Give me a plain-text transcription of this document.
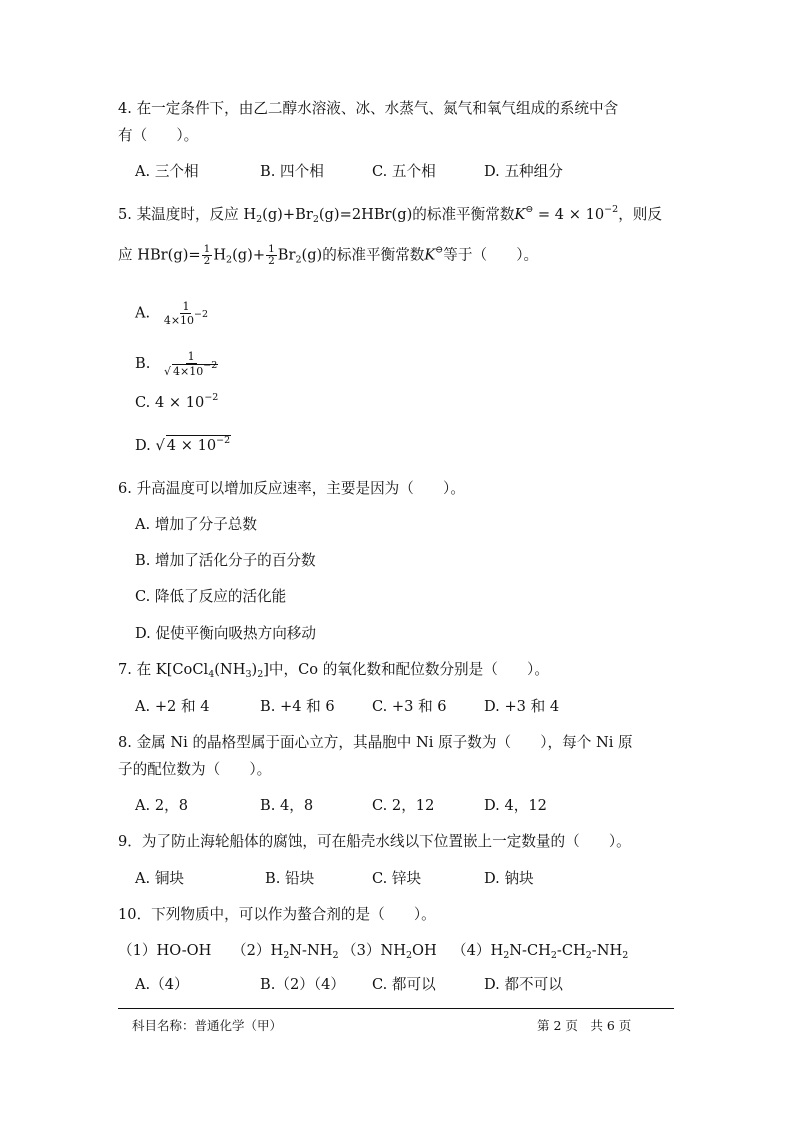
4. 在一定条件下，由乙二醇水溶液、冰、水蒸气、氮气和氧气组成的系统中含
有（　　）。
A. 三个相	B. 四个相	C. 五个相	D. 五种组分
5. 某温度时，反应 $H_2(g)+Br_2(g)=2HBr(g)$的标准平衡常数$K^⊖ = 4 \times 10^{-2}$，则反
应 $HBr(g)= \frac{1}{2} H_2(g)+ \frac{1}{2} Br_2(g)$的标准平衡常数K⊖等于（　　）。
A. $\frac{1}{4\times 10^{-2}}$
B. $\frac{1}{√ 4\times 10^{-2}}$
C. $4 \times 10^{-2}$
D. √ $4 \times 10^{-2}$
6. 升高温度可以增加反应速率，主要是因为（　　）。
A. 增加了分子总数
B. 增加了活化分子的百分数
C. 降低了反应的活化能
D. 促使平衡向吸热方向移动
7. 在 $K[CoCl_4(NH_3)_2]$中，Co 的氧化数和配位数分别是（　　）。
A. +2 和 4	B. +4 和 6	C. +3 和 6	D. +3 和 4
8. 金属 Ni 的晶格型属于面心立方，其晶胞中 Ni 原子数为（　　），每个 Ni 原
子的配位数为（　　）。
A. 2，8	B. 4，8	C. 2，12	D. 4，12
9．为了防止海轮船体的腐蚀，可在船壳水线以下位置嵌上一定数量的（　　）。
A. 铜块	B. 铅块	C. 锌块	D. 钠块
10．下列物质中，可以作为螯合剂的是（　　）。
（1）HO-OH $(2)H_2N-NH_2$ $(3)NH_2OH$ $(4)H_2N-CH_2-CH_2-NH_2$
A.（4）	B.（2）（4） C. 都可以	D. 都不可以
科目名称：普通化学（甲）	第 2 页　共 6 页
